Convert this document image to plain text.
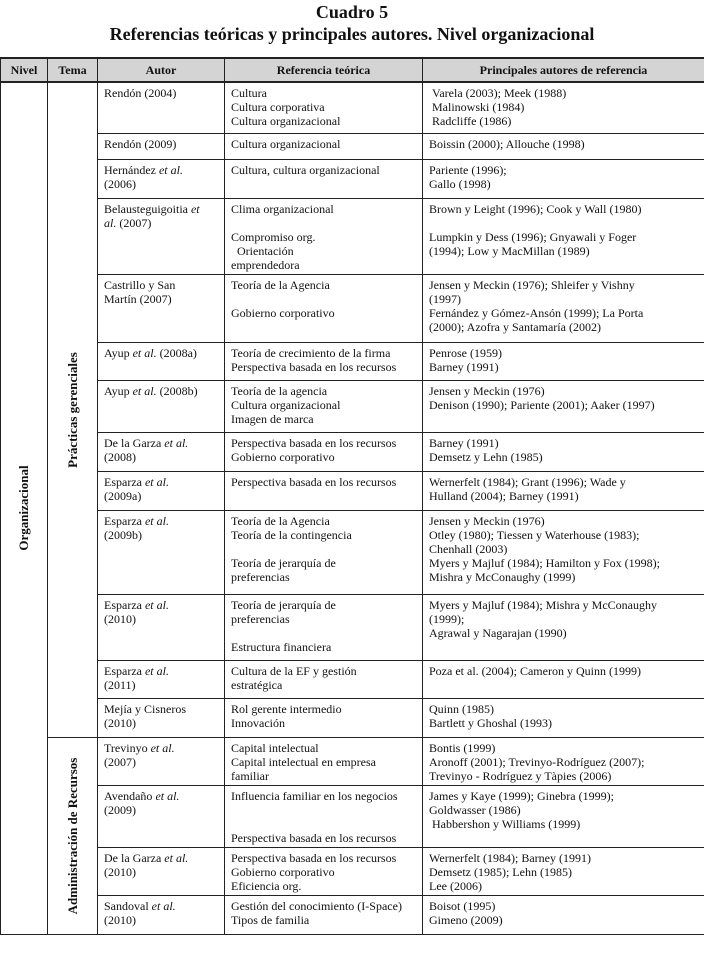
Cuadro 5
Referencias teóricas y principales autores. Nivel organizacional
Nivel	Tema	Autor	Referencia teórica	Principales autores de referencia

Organizacional	Prácticas gerenciales	Rendón (2004)	Cultura
Cultura corporativa
Cultura organizacional	Varela (2003); Meek (1988)
Malinowski (1984)
Radcliffe (1986)

		Rendón (2009)	Cultura organizacional	Boissin (2000); Allouche (1998)

		Hernández et al.
(2006)	Cultura, cultura organizacional	Pariente (1996);
Gallo (1998)

		Belausteguigoitia et
al. (2007)	Clima organizacional
Compromiso org.
Orientación
emprendedora	Brown y Leight (1996); Cook y Wall (1980)
Lumpkin y Dess (1996); Gnyawali y Foger
(1994); Low y MacMillan (1989)

		Castrillo y San
Martín (2007)	Teoría de la Agencia
Gobierno corporativo	Jensen y Meckin (1976); Shleifer y Vishny
(1997)
Fernández y Gómez-Ansón (1999); La Porta
(2000); Azofra y Santamaría (2002)

		Ayup et al. (2008a)	Teoría de crecimiento de la firma
Perspectiva basada en los recursos	Penrose (1959)
Barney (1991)

		Ayup et al. (2008b)	Teoría de la agencia
Cultura organizacional
Imagen de marca	Jensen y Meckin (1976)
Denison (1990); Pariente (2001); Aaker (1997)

		De la Garza et al.
(2008)	Perspectiva basada en los recursos
Gobierno corporativo	Barney (1991)
Demsetz y Lehn (1985)

		Esparza et al.
(2009a)	Perspectiva basada en los recursos	Wernerfelt (1984); Grant (1996); Wade y
Hulland (2004); Barney (1991)

		Esparza et al.
(2009b)	Teoría de la Agencia
Teoría de la contingencia
Teoría de jerarquía de
preferencias	Jensen y Meckin (1976)
Otley (1980); Tiessen y Waterhouse (1983);
Chenhall (2003)
Myers y Majluf (1984); Hamilton y Fox (1998);
Mishra y McConaughy (1999)

		Esparza et al.
(2010)	Teoría de jerarquía de
preferencias
Estructura financiera	Myers y Majluf (1984); Mishra y McConaughy
(1999);
Agrawal y Nagarajan (1990)

		Esparza et al.
(2011)	Cultura de la EF y gestión
estratégica	Poza et al. (2004); Cameron y Quinn (1999)

		Mejía y Cisneros
(2010)	Rol gerente intermedio
Innovación	Quinn (1985)
Bartlett y Ghoshal (1993)

	Administración de Recursos	Trevinyo et al.
(2007)	Capital intelectual
Capital intelectual en empresa
familiar	Bontis (1999)
Aronoff (2001); Trevinyo-Rodríguez (2007);
Trevinyo - Rodríguez y Tàpies (2006)

		Avendaño et al.
(2009)	Influencia familiar en los negocios
Perspectiva basada en los recursos	James y Kaye (1999); Ginebra (1999);
Goldwasser (1986)
Habbershon y Williams (1999)

		De la Garza et al.
(2010)	Perspectiva basada en los recursos
Gobierno corporativo
Eficiencia org.	Wernerfelt (1984); Barney (1991)
Demsetz (1985); Lehn (1985)
Lee (2006)

		Sandoval et al.
(2010)	Gestión del conocimiento (I-Space)
Tipos de familia	Boisot (1995)
Gimeno (2009)
